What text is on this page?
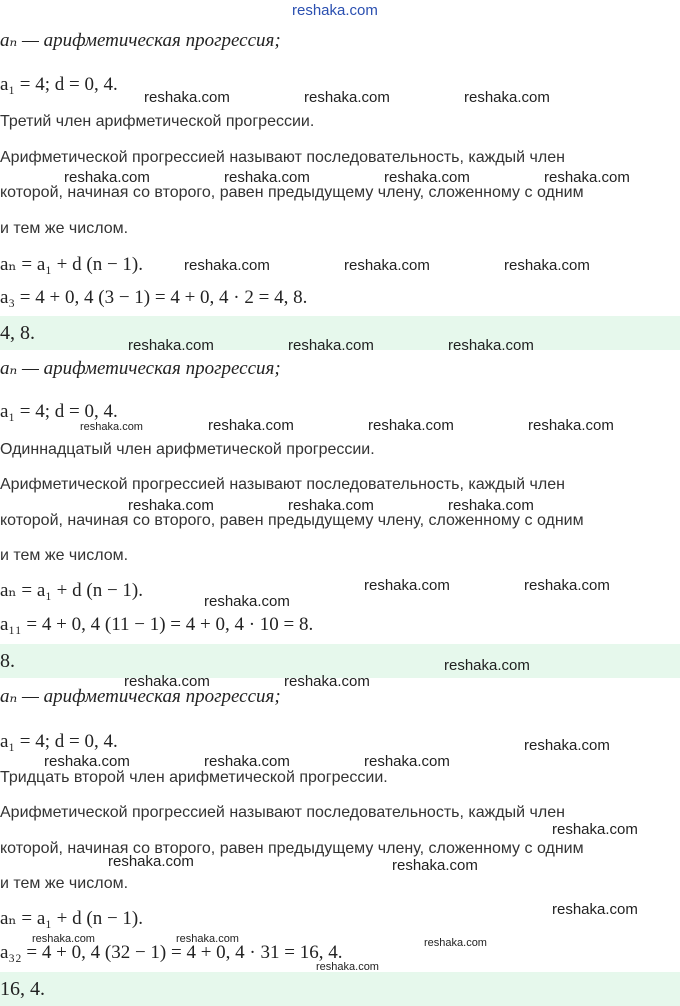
reshaka.com
aₙ — арифметическая прогрессия;
a₁ = 4; d = 0, 4.
Третий член арифметической прогрессии.
Арифметической прогрессией называют последовательность, каждый член
которой, начиная со второго, равен предыдущему члену, сложенному с одним
и тем же числом.
aₙ = a₁ + d (n − 1).
a₃ = 4 + 0, 4 (3 − 1) = 4 + 0, 4 · 2 = 4, 8.
4, 8.
aₙ — арифметическая прогрессия;
a₁ = 4; d = 0, 4.
Одиннадцатый член арифметической прогрессии.
Арифметической прогрессией называют последовательность, каждый член
которой, начиная со второго, равен предыдущему члену, сложенному с одним
и тем же числом.
aₙ = a₁ + d (n − 1).
a₁₁ = 4 + 0, 4 (11 − 1) = 4 + 0, 4 · 10 = 8.
8.
aₙ — арифметическая прогрессия;
a₁ = 4; d = 0, 4.
Тридцать второй член арифметической прогрессии.
Арифметической прогрессией называют последовательность, каждый член
которой, начиная со второго, равен предыдущему члену, сложенному с одним
и тем же числом.
aₙ = a₁ + d (n − 1).
a₃₂ = 4 + 0, 4 (32 − 1) = 4 + 0, 4 · 31 = 16, 4.
16, 4.
reshaka.com	reshaka.com	reshaka.com
reshaka.com	reshaka.com	reshaka.com	reshaka.com
reshaka.com	reshaka.com	reshaka.com
reshaka.com	reshaka.com	reshaka.com
reshaka.com	reshaka.com	reshaka.com	reshaka.com
reshaka.com	reshaka.com	reshaka.com
reshaka.com	reshaka.com
reshaka.com
reshaka.com
reshaka.com	reshaka.com
reshaka.com
reshaka.com	reshaka.com	reshaka.com
reshaka.com
reshaka.com	reshaka.com
reshaka.com
reshaka.com	reshaka.com	reshaka.com
reshaka.com
